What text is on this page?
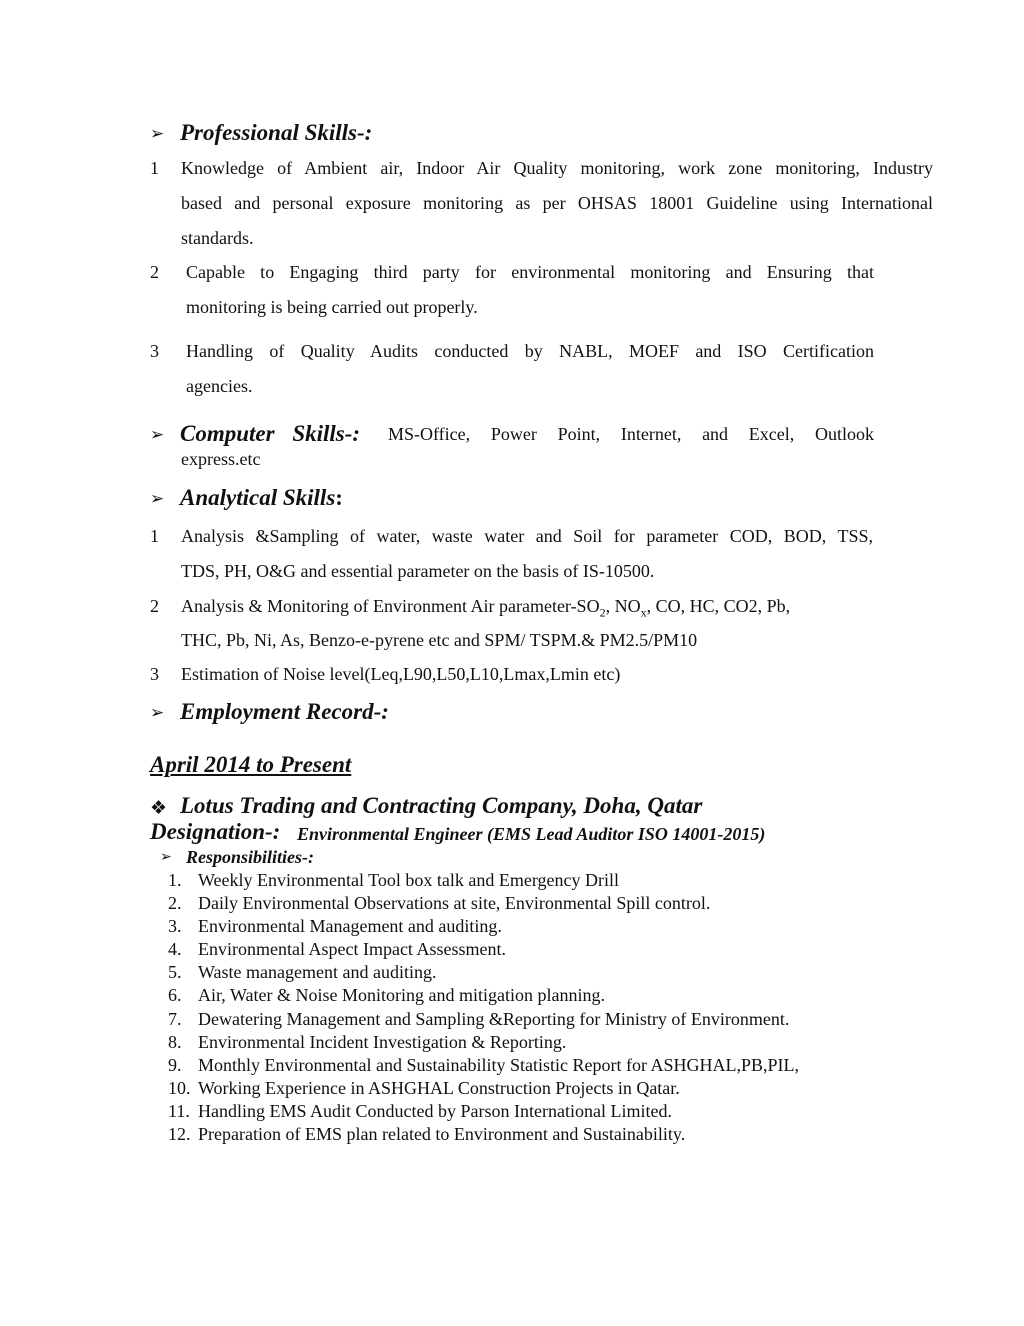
➢ Professional Skills-:
1 Knowledge of Ambient air, Indoor Air Quality monitoring, work zone monitoring, Industry
based and personal exposure monitoring as per OHSAS 18001 Guideline using International
standards.
2 Capable to Engaging third party for environmental monitoring and Ensuring that
monitoring is being carried out properly.
3 Handling of Quality Audits conducted by NABL, MOEF and ISO Certification
agencies.
➢ Computer Skills-: MS-Office, Power Point, Internet, and Excel, Outlook
express.etc
➢ Analytical Skills:
1 Analysis &Sampling of water, waste water and Soil for parameter COD, BOD, TSS,
TDS, PH, O&G and essential parameter on the basis of IS-10500.
2 Analysis & Monitoring of Environment Air parameter-$SO_2$, $NO_x$, CO, HC, CO2, Pb,
THC, Pb, Ni, As, Benzo-e-pyrene etc and SPM/ TSPM.& PM2.5/PM10
3 Estimation of Noise level(Leq,L90,L50,L10,Lmax,Lmin etc)
➢ Employment Record-:
April 2014 to Present
❖ Lotus Trading and Contracting Company, Doha, Qatar
Designation-: Environmental Engineer (EMS Lead Auditor ISO 14001-2015)
➢ Responsibilities-:
1. Weekly Environmental Tool box talk and Emergency Drill
2. Daily Environmental Observations at site, Environmental Spill control.
3. Environmental Management and auditing.
4. Environmental Aspect Impact Assessment.
5. Waste management and auditing.
6. Air, Water & Noise Monitoring and mitigation planning.
7. Dewatering Management and Sampling &Reporting for Ministry of Environment.
8. Environmental Incident Investigation & Reporting.
9. Monthly Environmental and Sustainability Statistic Report for ASHGHAL,PB,PIL,
10. Working Experience in ASHGHAL Construction Projects in Qatar.
11. Handling EMS Audit Conducted by Parson International Limited.
12. Preparation of EMS plan related to Environment and Sustainability.
